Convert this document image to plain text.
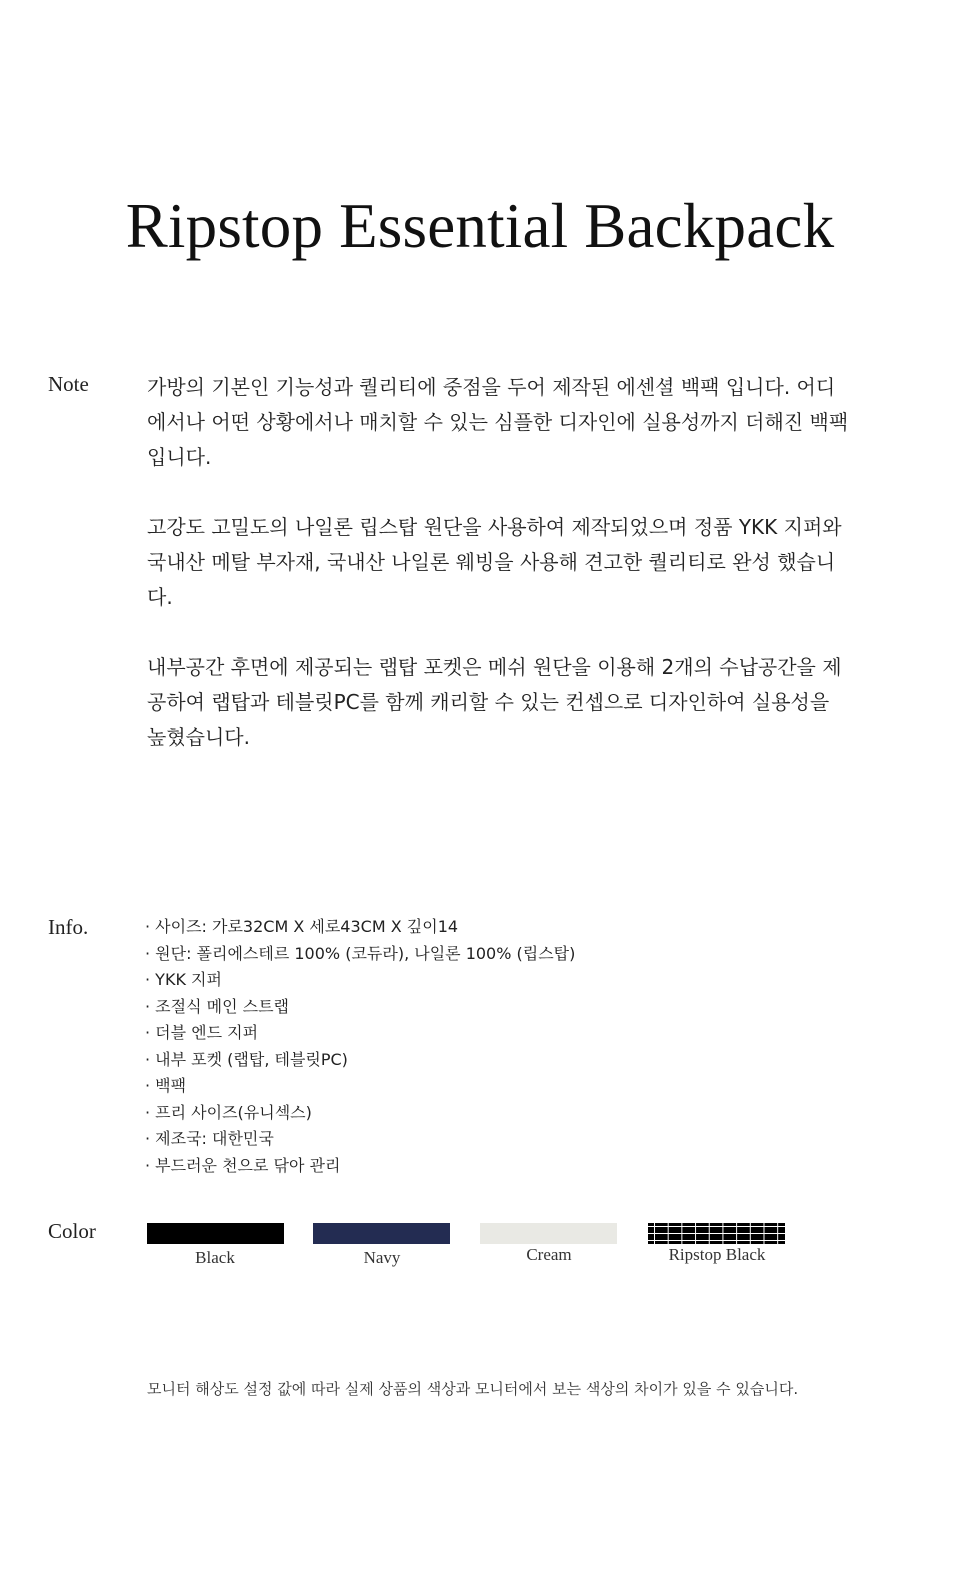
Ripstop Essential Backpack
Note	가방의 기본인 기능성과 퀄리티에 중점을 두어 제작된 에센셜 백팩 입니다. 어디
에서나 어떤 상황에서나 매치할 수 있는 심플한 디자인에 실용성까지 더해진 백팩
입니다.

고강도 고밀도의 나일론 립스탑 원단을 사용하여 제작되었으며 정품 YKK 지퍼와
국내산 메탈 부자재, 국내산 나일론 웨빙을 사용해 견고한 퀄리티로 완성 했습니
다.

내부공간 후면에 제공되는 랩탑 포켓은 메쉬 원단을 이용해 2개의 수납공간을 제
공하여 랩탑과 테블릿PC를 함께 캐리할 수 있는 컨셉으로 디자인하여 실용성을
높혔습니다.

Info.	· 사이즈: 가로32CM X 세로43CM X 깊이14
· 원단: 폴리에스테르 100% (코듀라), 나일론 100% (립스탑)
· YKK 지퍼
· 조절식 메인 스트랩
· 더블 엔드 지퍼
· 내부 포켓 (랩탑, 테블릿PC)
· 백팩
· 프리 사이즈(유니섹스)
· 제조국: 대한민국
· 부드러운 천으로 닦아 관리
Color
Black	Navy	Cream	Ripstop Black
모니터 해상도 설정 값에 따라 실제 상품의 색상과 모니터에서 보는 색상의 차이가 있을 수 있습니다.
